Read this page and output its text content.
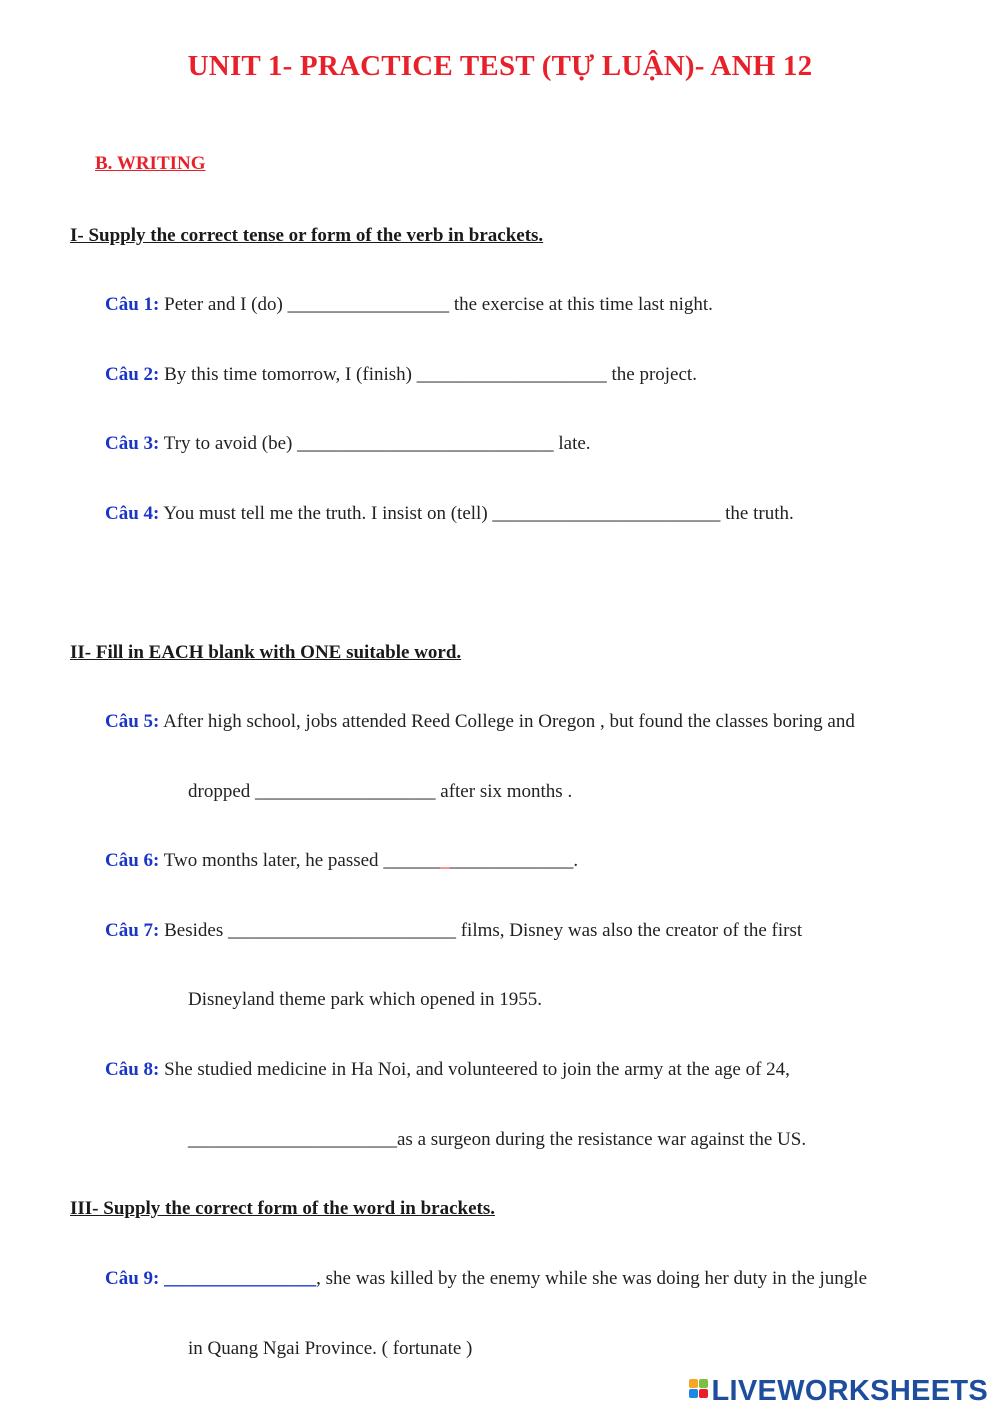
UNIT 1- PRACTICE TEST (TỰ LUẬN)- ANH 12
B. WRITING
I- Supply the correct tense or form of the verb in brackets.
Câu 1: Peter and I (do) _________________ the exercise at this time last night.
Câu 2: By this time tomorrow, I (finish) ____________________ the project.
Câu 3: Try to avoid (be) ___________________________ late.
Câu 4: You must tell me the truth. I insist on (tell) ________________________ the truth.
II- Fill in EACH blank with ONE suitable word.
Câu 5: After high school, jobs attended Reed College in Oregon , but found the classes boring and
dropped ___________________ after six months .
Câu 6: Two months later, he passed ____________________.
Câu 7: Besides ________________________ films, Disney was also the creator of the first
Disneyland theme park which opened in 1955.
Câu 8: She studied medicine in Ha Noi, and volunteered to join the army at the age of 24,
______________________as a surgeon during the resistance war against the US.
III- Supply the correct form of the word in brackets.
Câu 9: ________________, she was killed by the enemy while she was doing her duty in the jungle
in Quang Ngai Province. ( fortunate )
LIVEWORKSHEETS
